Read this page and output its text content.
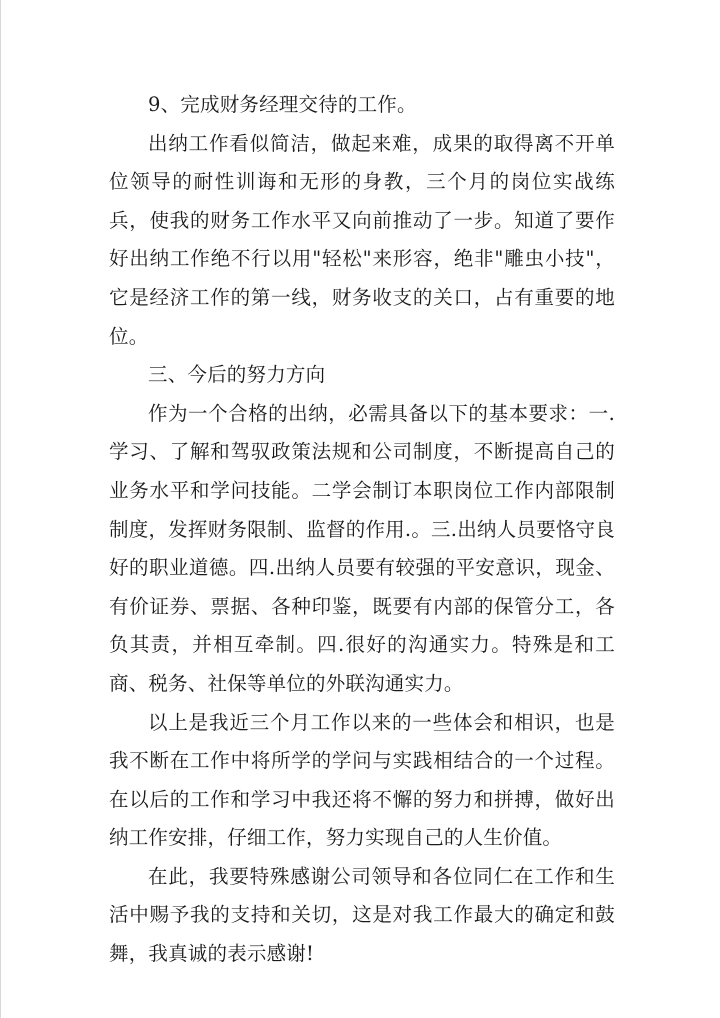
9、完成财务经理交待的工作。

出纳工作看似简洁，做起来难，成果的取得离不开单位领导的耐性训诲和无形的身教，三个月的岗位实战练兵，使我的财务工作水平又向前推动了一步。知道了要作好出纳工作绝不行以用"轻松"来形容，绝非"雕虫小技"，它是经济工作的第一线，财务收支的关口，占有重要的地位。

三、今后的努力方向

作为一个合格的出纳，必需具备以下的基本要求：一.学习、了解和驾驭政策法规和公司制度，不断提高自己的业务水平和学问技能。二学会制订本职岗位工作内部限制制度，发挥财务限制、监督的作用.。三.出纳人员要恪守良好的职业道德。四.出纳人员要有较强的平安意识，现金、有价证券、票据、各种印鉴，既要有内部的保管分工，各负其责，并相互牵制。四.很好的沟通实力。特殊是和工商、税务、社保等单位的外联沟通实力。

以上是我近三个月工作以来的一些体会和相识，也是我不断在工作中将所学的学问与实践相结合的一个过程。在以后的工作和学习中我还将不懈的努力和拼搏，做好出纳工作安排，仔细工作，努力实现自己的人生价值。

在此，我要特殊感谢公司领导和各位同仁在工作和生活中赐予我的支持和关切，这是对我工作最大的确定和鼓舞，我真诚的表示感谢!
